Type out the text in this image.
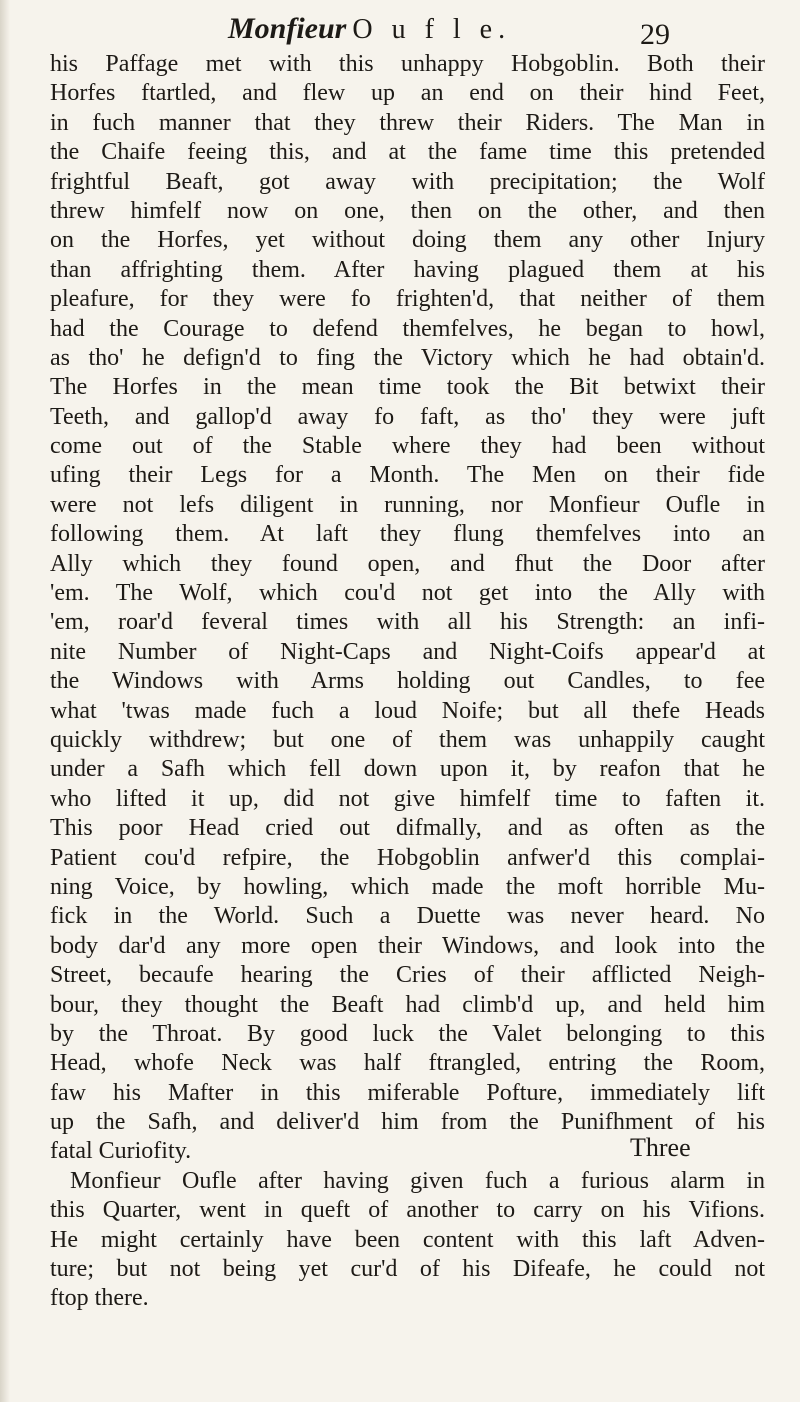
Monfieur O u f l e.	29
his Paffage met with this unhappy Hobgoblin. Both their
Horfes ftartled, and flew up an end on their hind Feet,
in fuch manner that they threw their Riders. The Man in
the Chaife feeing this, and at the fame time this pretended
frightful Beaft, got away with precipitation; the Wolf
threw himfelf now on one, then on the other, and then
on the Horfes, yet without doing them any other Injury
than affrighting them. After having plagued them at his
pleafure, for they were fo frighten'd, that neither of them
had the Courage to defend themfelves, he began to howl,
as tho' he defign'd to fing the Victory which he had obtain'd.
The Horfes in the mean time took the Bit betwixt their
Teeth, and gallop'd away fo faft, as tho' they were juft
come out of the Stable where they had been without
ufing their Legs for a Month. The Men on their fide
were not lefs diligent in running, nor Monfieur Oufle in
following them. At laft they flung themfelves into an
Ally which they found open, and fhut the Door after
'em. The Wolf, which cou'd not get into the Ally with
'em, roar'd feveral times with all his Strength: an infi-
nite Number of Night-Caps and Night-Coifs appear'd at
the Windows with Arms holding out Candles, to fee
what 'twas made fuch a loud Noife; but all thefe Heads
quickly withdrew; but one of them was unhappily caught
under a Safh which fell down upon it, by reafon that he
who lifted it up, did not give himfelf time to faften it.
This poor Head cried out difmally, and as often as the
Patient cou'd refpire, the Hobgoblin anfwer'd this complai-
ning Voice, by howling, which made the moft horrible Mu-
fick in the World. Such a Duette was never heard. No
body dar'd any more open their Windows, and look into the
Street, becaufe hearing the Cries of their afflicted Neigh-
bour, they thought the Beaft had climb'd up, and held him
by the Throat. By good luck the Valet belonging to this
Head, whofe Neck was half ftrangled, entring the Room,
faw his Mafter in this miferable Pofture, immediately lift
up the Safh, and deliver'd him from the Punifhment of his
fatal Curiofity.
Monfieur Oufle after having given fuch a furious alarm in
this Quarter, went in queft of another to carry on his Vifions.
He might certainly have been content with this laft Adven-
ture; but not being yet cur'd of his Difeafe, he could not
ftop there.
Three
